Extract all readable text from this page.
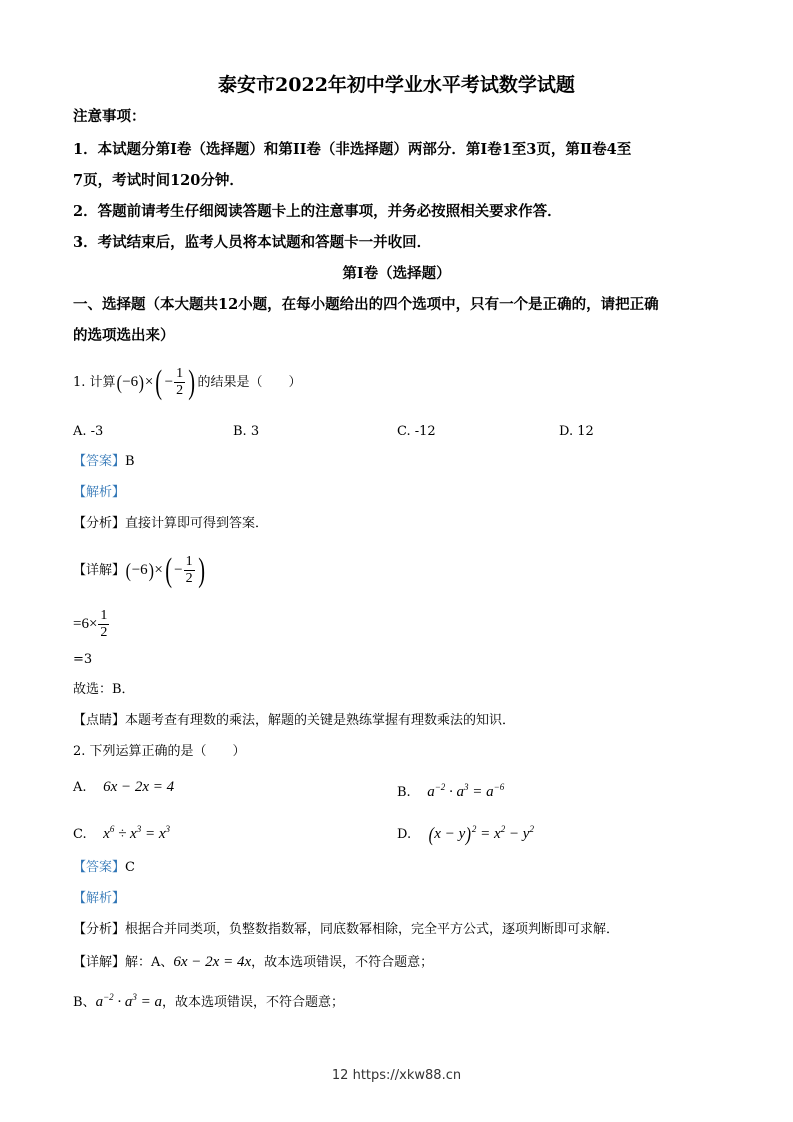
泰安市2022年初中学业水平考试数学试题
注意事项：
1．本试题分第Ⅰ卷（选择题）和第II卷（非选择题）两部分．第Ⅰ卷1至3页，第Ⅱ卷4至
7页，考试时间120分钟．
2．答题前请考生仔细阅读答题卡上的注意事项，并务必按照相关要求作答．
3．考试结束后，监考人员将本试题和答题卡一并收回．
第Ⅰ卷（选择题）
一、选择题（本大题共12小题，在每小题给出的四个选项中，只有一个是正确的，请把正确
的选项选出来）
1. 计算$(-6)\times( - \frac{1}{2}$ ) 的结果是（　　）
A. -3	B. 3	C. -12	D. 12
【答案】B
【解析】
【分析】直接计算即可得到答案．
【详解】$(-6)\times( - \frac{1}{2}$ )
$=6\times \frac{1}{2}$
=3
故选：B．
【点睛】本题考查有理数的乘法，解题的关键是熟练掌握有理数乘法的知识．
2. 下列运算正确的是（　　）
A. 6x − 2x = 4	B. $a^{-2} \cdot a^3 = a^{-6}$
C. $x^6 \div x^3 = x^3$	D. $(x - y)^2 = x^2 - y^2$
【答案】C
【解析】
【分析】根据合并同类项，负整数指数幂，同底数幂相除，完全平方公式，逐项判断即可求解．
【详解】解：A、6x − 2x = 4x，故本选项错误，不符合题意；
B、$a^{-2} \cdot a^3 = a$，故本选项错误，不符合题意；
12 https://xkw88.cn
